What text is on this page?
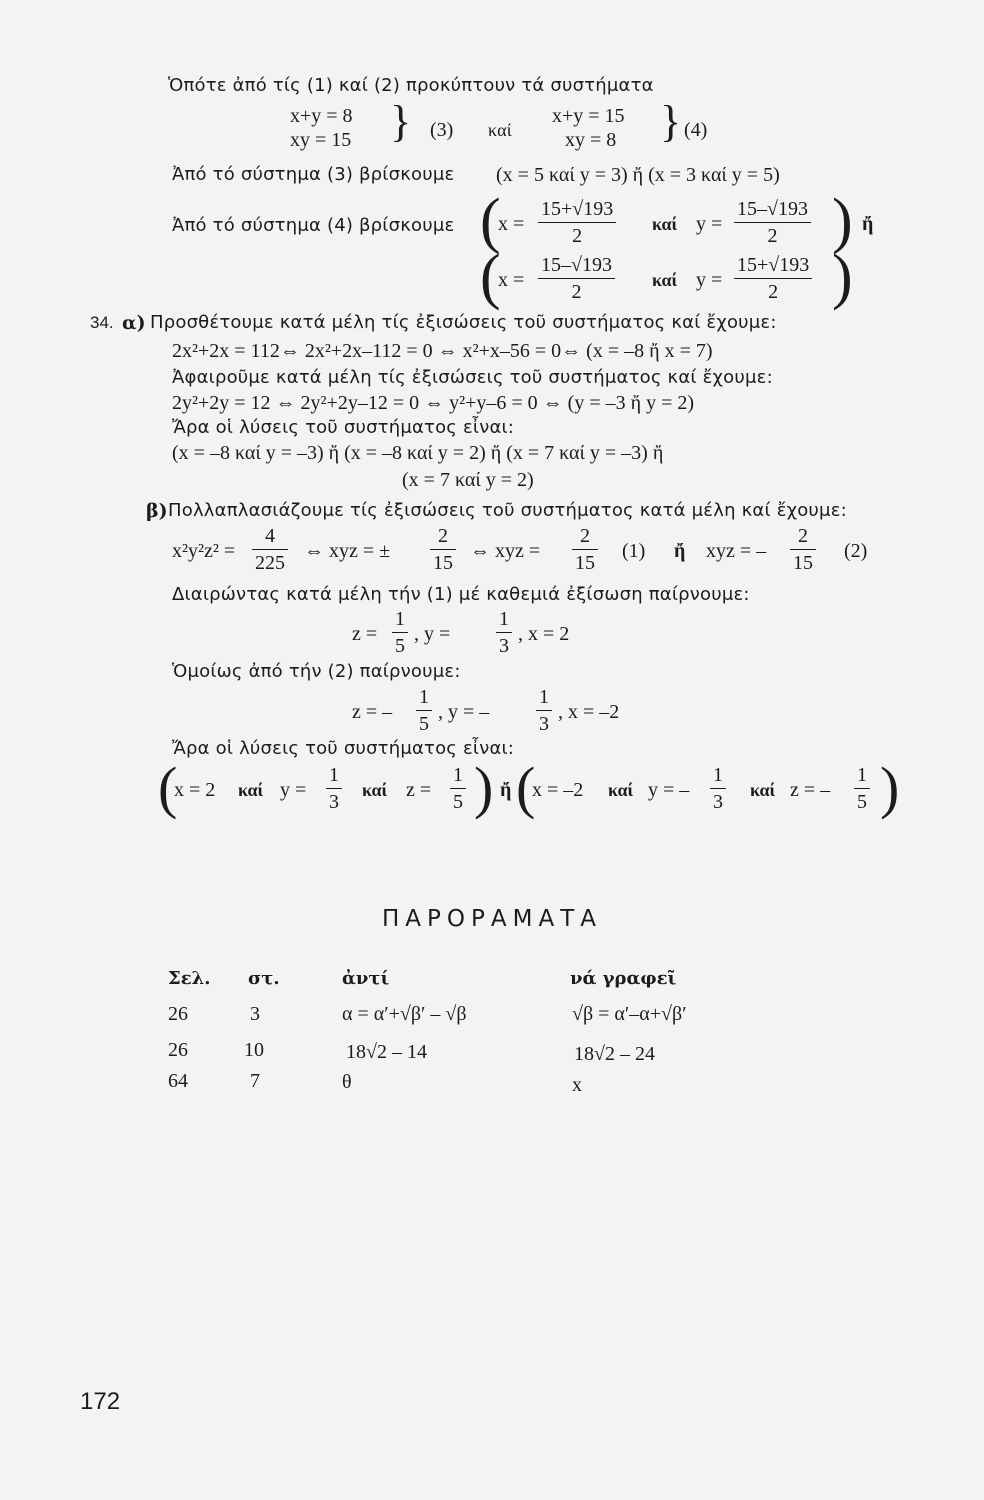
Ὁπότε ἀπό τίς (1) καί (2) προκύπτουν τά συστήματα
x+y = 8
xy = 15 } (3) καί
x+y = 15
xy = 8 } (4)
Ἀπό τό σύστημα (3) βρίσκουμε (x = 5 καί y = 3) ἤ (x = 3 καί y = 5)
Ἀπό τό σύστημα (4) βρίσκουμε (
x =
15+√193
2
καί y =
15–√193
2 ) ἤ
(
x =
15–√193
2
καί y =
15+√193
2 )
34. α) Προσθέτουμε κατά μέλη τίς ἐξισώσεις τοῦ συστήματος καί ἔχουμε:
2x²+2x = 112⇔ 2x²+2x–112 = 0 ⇔ x²+x–56 = 0⇔ (x = –8 ἤ x = 7)
Ἀφαιροῦμε κατά μέλη τίς ἐξισώσεις τοῦ συστήματος καί ἔχουμε:
2y²+2y = 12 ⇔ 2y²+2y–12 = 0 ⇔ y²+y–6 = 0 ⇔ (y = –3 ἤ y = 2)
Ἄρα οἱ λύσεις τοῦ συστήματος εἶναι:
(x = –8 καί y = –3) ἤ (x = –8 καί y = 2) ἤ (x = 7 καί y = –3) ἤ
(x = 7 καί y = 2)
β) Πολλαπλασιάζουμε τίς ἐξισώσεις τοῦ συστήματος κατά μέλη καί ἔχουμε:
x²y²z² =
4
225
⇔ xyz = ±
2
15
⇔ xyz =
2
15
(1) ἤ xyz = –
2
15
(2)
Διαιρώντας κατά μέλη τήν (1) μέ καθεμιά ἐξίσωση παίρνουμε:
z =
1
5
, y =
1
3
, x = 2
Ὁμοίως ἀπό τήν (2) παίρνουμε:
z = –
1
5
, y = –
1
3
, x = –2
Ἄρα οἱ λύσεις τοῦ συστήματος εἶναι:
(
x = 2 καί y =
1
3
καί z =
1
5 ) ἤ (
x = –2 καί y = –
1
3
καί z = –
1
5 )
ΠΑΡΟΡΑΜΑΤΑ
Σελ. στ.	ἀντί	νά γραφεῖ
26	3	α = α′+√β′ – √β	√β = α′–α+√β′
26	10	18√2 – 14	18√2 – 24
64	7	θ	x
172
